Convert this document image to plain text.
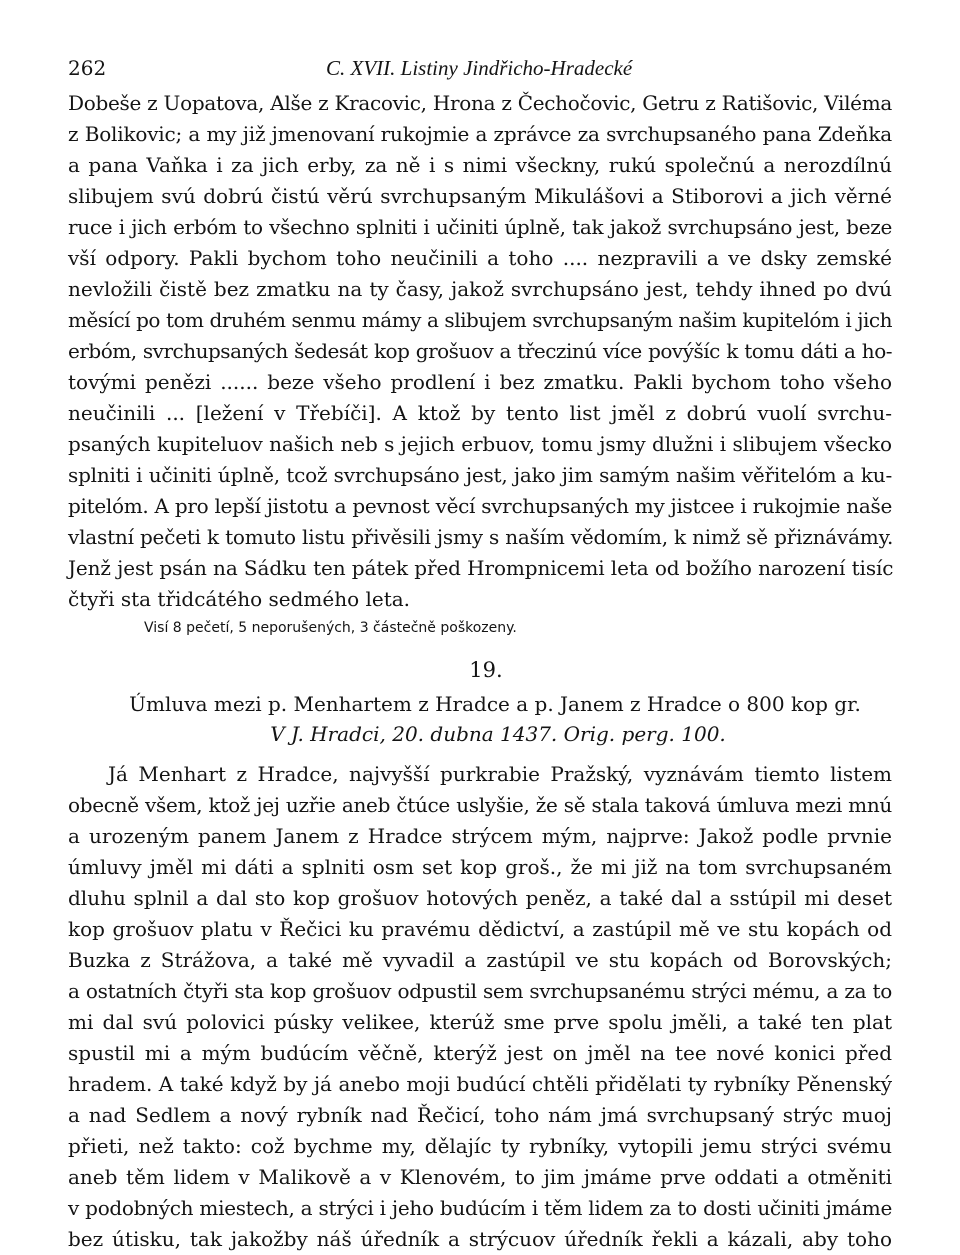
262	C. XVII. Listiny Jindřicho-Hradecké
Dobeše z Uopatova, Alše z Kracovic, Hrona z Čechočovic, Getru z Ratišovic, Viléma
z Bolikovic; a my již jmenovaní rukojmie a zprávce za svrchupsaného pana Zdeňka
a pana Vaňka i za jich erby, za ně i s nimi všeckny, rukú společnú a nerozdílnú
slibujem svú dobrú čistú věrú svrchupsaným Mikulášovi a Stiborovi a jich věrné
ruce i jich erbóm to všechno splniti i učiniti úplně, tak jakož svrchupsáno jest, beze
vší odpory. Pakli bychom toho neučinili a toho .... nezpravili a ve dsky zemské
nevložili čistě bez zmatku na ty časy, jakož svrchupsáno jest, tehdy ihned po dvú
měsící po tom druhém senmu mámy a slibujem svrchupsaným našim kupitelóm i jich
erbóm, svrchupsaných šedesát kop grošuov a třeczinú více povýšíc k tomu dáti a ho-
tovými penězi ...... beze všeho prodlení i bez zmatku. Pakli bychom toho všeho
neučinili ... [ležení v Třebíči]. A ktož by tento list jměl z dobrú vuolí svrchu-
psaných kupiteluov našich neb s jejich erbuov, tomu jsmy dlužni i slibujem všecko
splniti i učiniti úplně, tcož svrchupsáno jest, jako jim samým našim věřitelóm a ku-
pitelóm. A pro lepší jistotu a pevnost věcí svrchupsaných my jistcee i rukojmie naše
vlastní pečeti k tomuto listu přivěsili jsmy s naším vědomím, k nimž sě přiznávámy.
Jenž jest psán na Sádku ten pátek před Hrompnicemi leta od božího narození tisíc
čtyři sta třidcátého sedmého leta.
Visí 8 pečetí, 5 neporušených, 3 částečně poškozeny.
19.
Úmluva mezi p. Menhartem z Hradce a p. Janem z Hradce o 800 kop gr.
V J. Hradci, 20. dubna 1437. Orig. perg. 100.
Já Menhart z Hradce, najvyšší purkrabie Pražský, vyznávám tiemto listem
obecně všem, ktož jej uzřie aneb čtúce uslyšie, že sě stala taková úmluva mezi mnú
a urozeným panem Janem z Hradce strýcem mým, najprve: Jakož podle prvnie
úmluvy jměl mi dáti a splniti osm set kop groš., že mi již na tom svrchupsaném
dluhu splnil a dal sto kop grošuov hotových peněz, a také dal a sstúpil mi deset
kop grošuov platu v Řečici ku pravému dědictví, a zastúpil mě ve stu kopách od
Buzka z Strážova, a také mě vyvadil a zastúpil ve stu kopách od Borovských;
a ostatních čtyři sta kop grošuov odpustil sem svrchupsanému strýci mému, a za to
mi dal svú polovici púsky velikee, kterúž sme prve spolu jměli, a také ten plat
spustil mi a mým budúcím věčně, kterýž jest on jměl na tee nové konici před
hradem. A také když by já anebo moji budúcí chtěli přidělati ty rybníky Pěnenský
a nad Sedlem a nový rybník nad Řečicí, toho nám jmá svrchupsaný strýc muoj
přieti, než takto: což bychme my, dělajíc ty rybníky, vytopili jemu strýci svému
aneb těm lidem v Malikově a v Klenovém, to jim jmáme prve oddati a otměniti
v podobných miestech, a strýci i jeho budúcím i těm lidem za to dosti učiniti jmáme
bez útisku, tak jakožby náš úředník a strýcuov úředník řekli a kázali, aby toho
